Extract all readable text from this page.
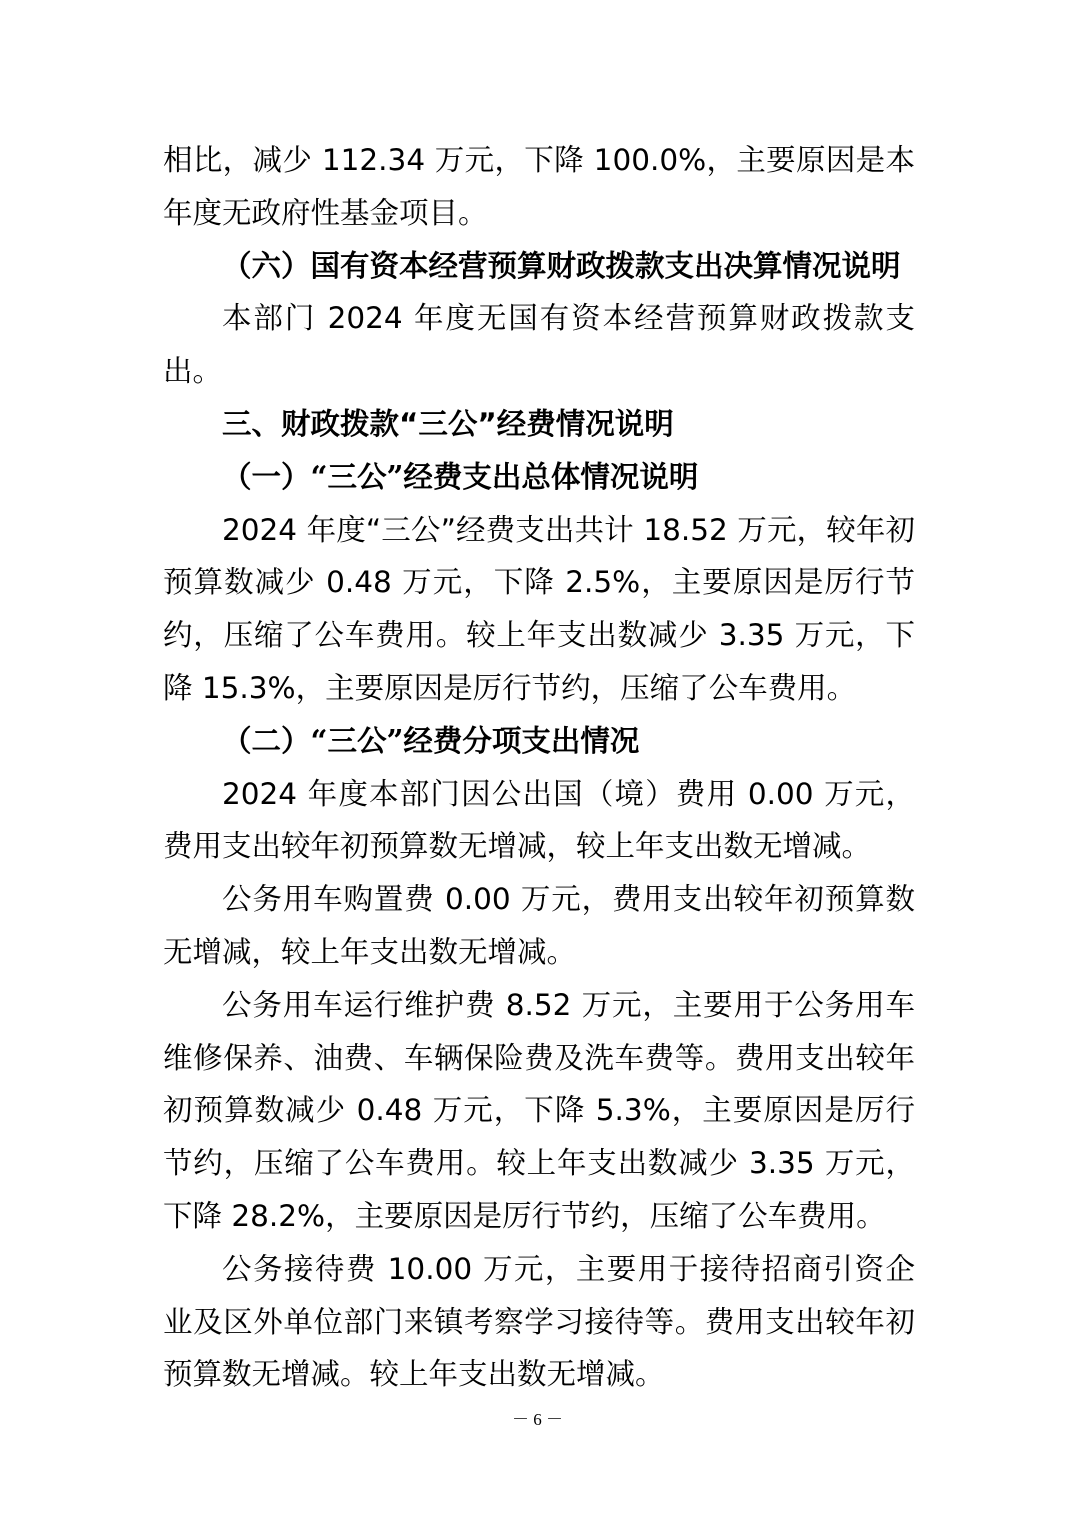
相比，减少 112.34 万元，下降 100.0%，主要原因是本年度无政府性基金项目。

（六）国有资本经营预算财政拨款支出决算情况说明

本部门 2024 年度无国有资本经营预算财政拨款支出。

三、财政拨款“三公”经费情况说明

（一）“三公”经费支出总体情况说明

2024 年度“三公”经费支出共计 18.52 万元，较年初预算数减少 0.48 万元，下降 2.5%，主要原因是厉行节约，压缩了公车费用。较上年支出数减少 3.35 万元，下降 15.3%，主要原因是厉行节约，压缩了公车费用。

（二）“三公”经费分项支出情况

2024 年度本部门因公出国（境）费用 0.00 万元，费用支出较年初预算数无增减，较上年支出数无增减。

公务用车购置费 0.00 万元，费用支出较年初预算数无增减，较上年支出数无增减。

公务用车运行维护费 8.52 万元，主要用于公务用车维修保养、油费、车辆保险费及洗车费等。费用支出较年初预算数减少 0.48 万元，下降 5.3%，主要原因是厉行节约，压缩了公车费用。较上年支出数减少 3.35 万元，下降 28.2%，主要原因是厉行节约，压缩了公车费用。

公务接待费 10.00 万元，主要用于接待招商引资企业及区外单位部门来镇考察学习接待等。费用支出较年初预算数无增减。较上年支出数无增减。

－ 6 －
